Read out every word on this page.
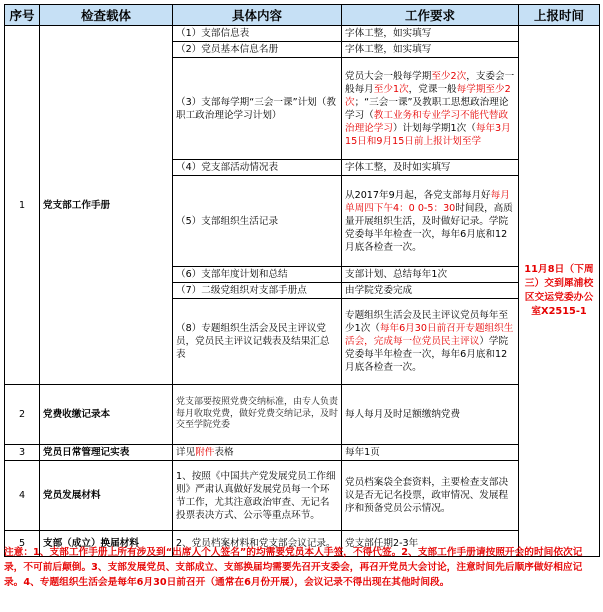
序号	检查载体	具体内容	工作要求	上报时间
1	党支部工作手册	（1）支部信息表	字体工整，如实填写	11月8日（下周三）交到犀浦校区交运党委办公室X2515-1
		（2）党员基本信息名册	字体工整，如实填写	
		（3）支部每学期“三会一课”计划（教职工政治理论学习计划）	党员大会一般每学期至少2次，支委会一般每月至少1次，党课一般每学期至少2次；“三会一课”及教职工思想政治理论学习（教工业务和专业学习不能代替政治理论学习）计划每学期1次（每年3月15日和9月15日前上报计划至学	
		（4）党支部活动情况表	字体工整，及时如实填写	
		（5）支部组织生活记录	从2017年9月起，各党支部每月好每月单周四下午4：0 0-5：30时间段，高质量开展组织生活，及时做好记录。学院党委每半年检查一次，每年6月底和12月底各检查一次。	
		（6）支部年度计划和总结	支部计划、总结每年1次	
		（7）二级党组织对支部手册点	由学院党委完成	
		（8）专题组织生活会及民主评议党员，党员民主评议记载表及结果汇总表	专题组织生活会及民主评议党员每年至少1次（每年6月30日前召开专题组织生活会，完成每一位党员民主评议）学院党委每半年检查一次，每年6月底和12月底各检查一次。	
2	党费收缴记录本	党支部要按照党费交纳标准，由专人负责每月收取党费，做好党费交纳记录，及时交至学院党委	每人每月及时足额缴纳党费	
3	党员日常管理记实表	详见附件表格	每年1页	
4	党员发展材料	1、按照《中国共产党发展党员工作细则》严肃认真做好发展党员每一个环节工作，尤其注意政治审查、无记名投票表决方式、公示等重点环节。	党员档案袋全套资料，主要检查支部决议是否无记名投票，政审情况、发展程序和预备党员公示情况。	
5	支部（成立）换届材料	2、党员档案材料和党支部会议记录。	党支部任期2-3年	
注意：1、支部工作手册上所有涉及到“出席人个人签名”的均需要党员本人手签，不得代签。2、支部工作手册请按照开会的时间依次记录，不可前后颠倒。3、支部发展党员、支部成立、支部换届均需要先召开支委会，再召开党员大会讨论，注意时间先后顺序做好相应记录。4、专题组织生活会是每年6月30日前召开（通常在6月份开展），会议记录不得出现在其他时间段。
